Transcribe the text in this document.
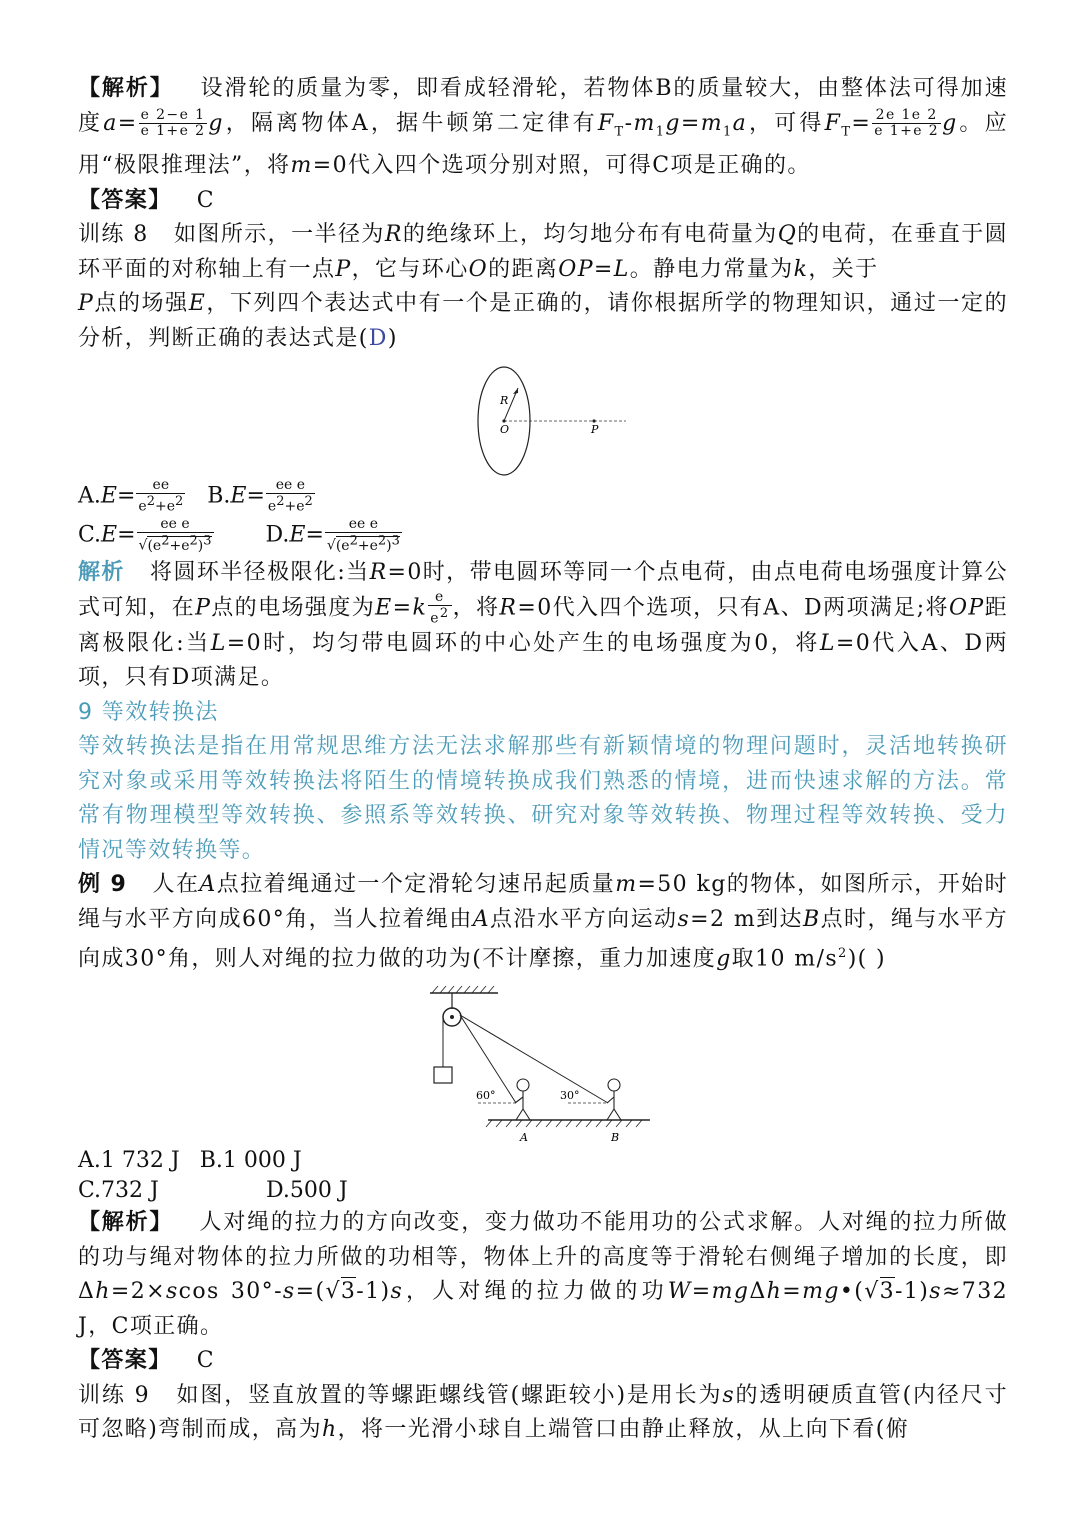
【解析】 设滑轮的质量为零，即看成轻滑轮，若物体B的质量较大，由整体法可得加速度$a= \frac{e 2-e 1}{e 1+e 2}$ g，隔离物体A，据牛顿第二定律有$F_T-m_1g=m_1a$，可得$F_T= \frac{2e 1e 2}{e 1+e 2}$ g。应用“极限推理法”，将m=0代入四个选项分别对照，可得C项是正确的。

【答案】 C

训练 8 如图所示，一半径为R的绝缘环上，均匀地分布有电荷量为Q的电荷，在垂直于圆环平面的对称轴上有一点P，它与环心O的距离OP=L。静电力常量为k，关于
P点的场强E，下列四个表达式中有一个是正确的，请你根据所学的物理知识，通过一定的分析，判断正确的表达式是(D)

R
O	P

$A.E= \frac{ee}{e^2+e^2} B.E= \frac{\text{ee e}}{e^2+e^2}$

$C.E= \frac{\text{ee e}}{√(e^2+e^2)^3} D.E= \frac{\text{ee e}}{√(e^2+e^2)^3}$

解析 将圆环半径极限化:当R=0时，带电圆环等同一个点电荷，由点电荷电场强度计算公式可知，在P点的电场强度为$E=k \frac{e}{e^2}$ ，将R=0代入四个选项，只有A、D两项满足;将OP距离极限化:当L=0时，均匀带电圆环的中心处产生的电场强度为0，将L=0代入A、D两项，只有D项满足。

9 等效转换法

等效转换法是指在用常规思维方法无法求解那些有新颖情境的物理问题时，灵活地转换研究对象或采用等效转换法将陌生的情境转换成我们熟悉的情境，进而快速求解的方法。常常有物理模型等效转换、参照系等效转换、研究对象等效转换、物理过程等效转换、受力情况等效转换等。

例 9 人在A点拉着绳通过一个定滑轮匀速吊起质量m=50 kg的物体，如图所示，开始时绳与水平方向成60°角，当人拉着绳由A点沿水平方向运动s=2 m到达B点时，绳与水平方向成30°角，则人对绳的拉力做的功为(不计摩擦，重力加速度g取10 $m/s^2$)( )

60°	30°
A	B

A.1 732 J B.1 000 J

C.732 J	D.500 J

【解析】 人对绳的拉力的方向改变，变力做功不能用功的公式求解。人对绳的拉力所做的功与绳对物体的拉力所做的功相等，物体上升的高度等于滑轮右侧绳子增加的长度，即Δh=2×scos 30°-s=(√3-1)s，人对绳的拉力做的功W=mgΔh=mg•(√3-1)s≈732 J，C项正确。

【答案】 C

训练 9 如图，竖直放置的等螺距螺线管(螺距较小)是用长为s的透明硬质直管(内径尺寸可忽略)弯制而成，高为h，将一光滑小球自上端管口由静止释放，从上向下看(俯
